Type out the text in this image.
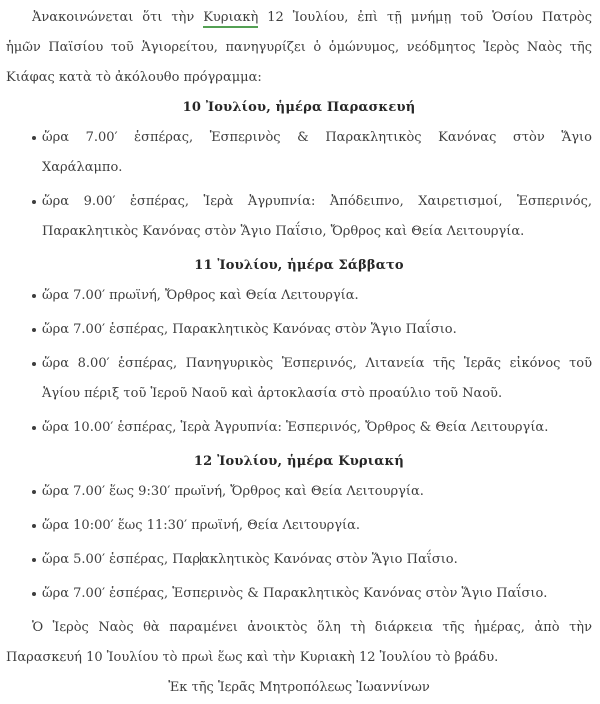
Ἀνακοινώνεται ὅτι τὴν Κυριακὴ 12 Ἰουλίου, ἐπὶ τῇ μνήμῃ τοῦ Ὁσίου Πατρὸς
ἡμῶν Παϊσίου τοῦ Ἁγιορείτου, πανηγυρίζει ὁ ὁμώνυμος, νεόδμητος Ἱερὸς Ναὸς τῆς
Κιάφας κατὰ τὸ ἀκόλουθο πρόγραμμα:
10 Ἰουλίου, ἡμέρα Παρασκευή
ὥρα 7.00′ ἑσπέρας, Ἑσπερινὸς & Παρακλητικὸς Κανόνας στὸν Ἅγιο
Χαράλαμπο.
ὥρα 9.00′ ἑσπέρας, Ἱερὰ Ἀγρυπνία: Ἀπόδειπνο, Χαιρετισμοί, Ἑσπερινός,
Παρακλητικὸς Κανόνας στὸν Ἅγιο Παΐσιο, Ὄρθρος καὶ Θεία Λειτουργία.
11 Ἰουλίου, ἡμέρα Σάββατο
ὥρα 7.00′ πρωϊνή, Ὄρθρος καὶ Θεία Λειτουργία.
ὥρα 7.00′ ἑσπέρας, Παρακλητικὸς Κανόνας στὸν Ἅγιο Παΐσιο.
ὥρα 8.00′ ἑσπέρας, Πανηγυρικὸς Ἑσπερινός, Λιτανεία τῆς Ἱερᾶς εἰκόνος τοῦ
Ἁγίου πέριξ τοῦ Ἱεροῦ Ναοῦ καὶ ἀρτοκλασία στὸ προαύλιο τοῦ Ναοῦ.
ὥρα 10.00′ ἑσπέρας, Ἱερὰ Ἀγρυπνία: Ἑσπερινός, Ὄρθρος & Θεία Λειτουργία.
12 Ἰουλίου, ἡμέρα Κυριακή
ὥρα 7.00′ ἕως 9:30′ πρωϊνή, Ὄρθρος καὶ Θεία Λειτουργία.
ὥρα 10:00′ ἕως 11:30′ πρωϊνή, Θεία Λειτουργία.
ὥρα 5.00′ ἑσπέρας, Παρακλητικὸς Κανόνας στὸν Ἅγιο Παΐσιο.
ὥρα 7.00′ ἑσπέρας, Ἑσπερινὸς & Παρακλητικὸς Κανόνας στὸν Ἅγιο Παΐσιο.
Ὁ Ἱερὸς Ναὸς θὰ παραμένει ἀνοικτὸς ὅλη τὴ διάρκεια τῆς ἡμέρας, ἀπὸ τὴν
Παρασκευή 10 Ἰουλίου τὸ πρωὶ ἕως καὶ τὴν Κυριακὴ 12 Ἰουλίου τὸ βράδυ.
Ἐκ τῆς Ἱερᾶς Μητροπόλεως Ἰωαννίνων
